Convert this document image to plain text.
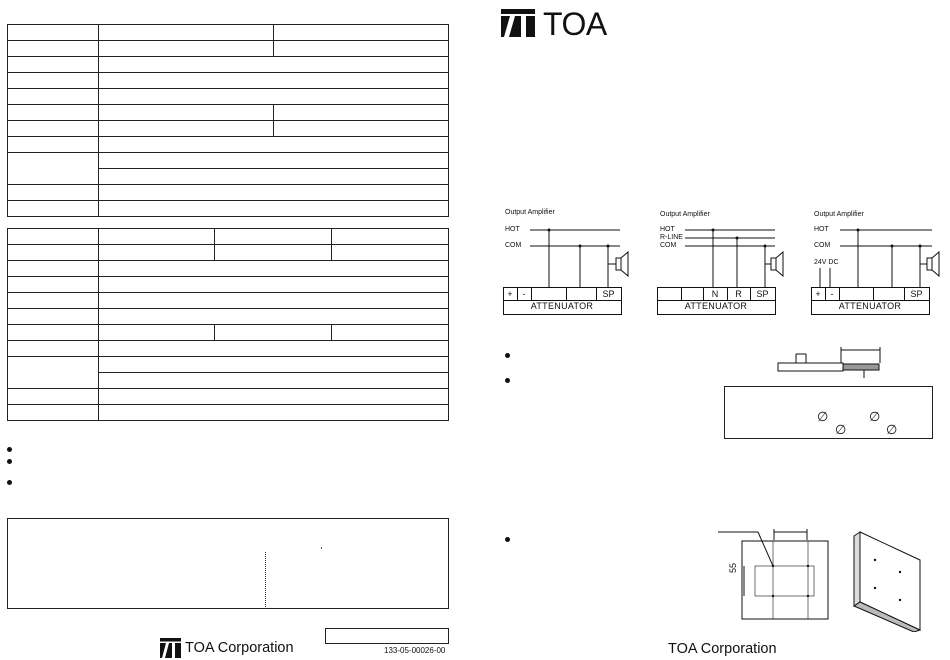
TOA Corporation	133-05-00026-00
TOA
Output Amplifier
HOT
COM
+	-	SP
ATTENUATOR
Output Amplifier
HOT
R-LINE
COM
N	R	SP
ATTENUATOR
Output Amplifier
HOT
COM
24V DC
+	-	SP
ATTENUATOR
∅	∅
∅	∅
55
TOA Corporation
